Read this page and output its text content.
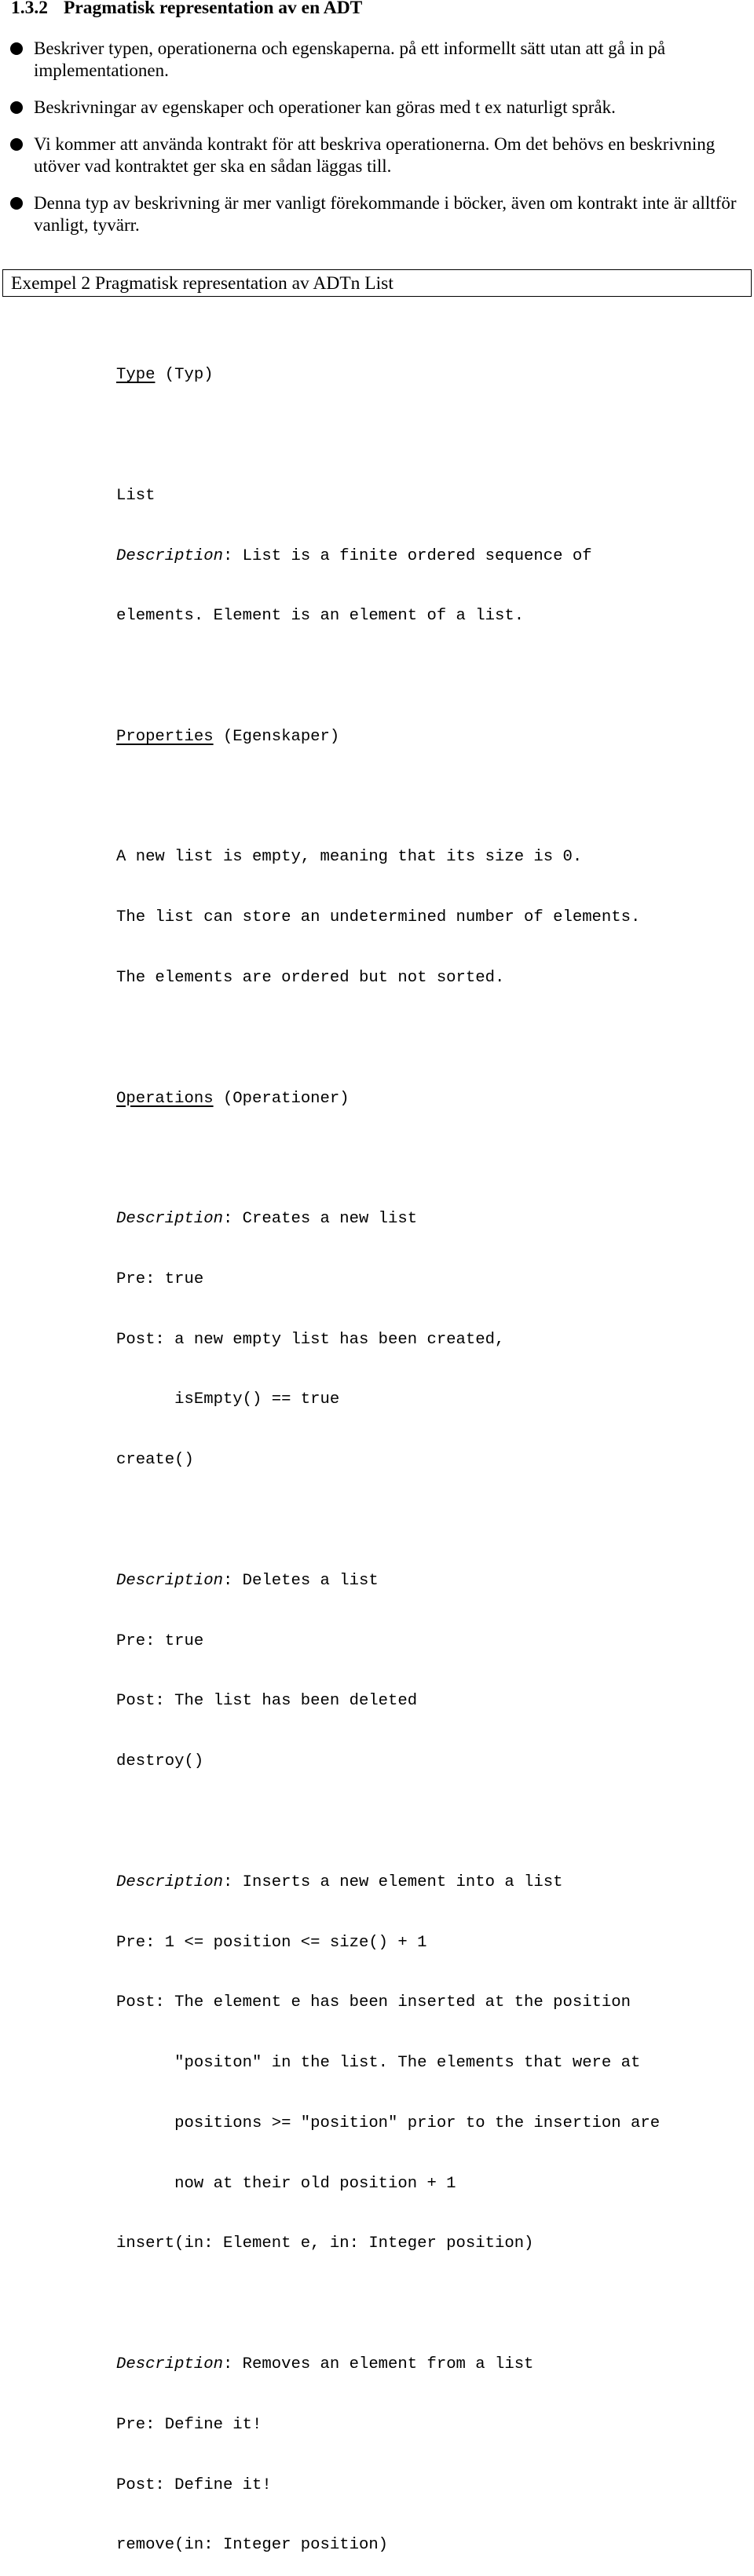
1.3.2 Pragmatisk representation av en ADT
Beskriver typen, operationerna och egenskaperna. på ett informellt sätt utan att gå in på implementationen.
Beskrivningar av egenskaper och operationer kan göras med t ex naturligt språk.
Vi kommer att använda kontrakt för att beskriva operationerna. Om det behövs en beskrivning utöver vad kontraktet ger ska en sådan läggas till.
Denna typ av beskrivning är mer vanligt förekommande i böcker, även om kontrakt inte är alltför vanligt, tyvärr.
Exempel 2 Pragmatisk representation av ADTn List

Type (Typ)

List

Description: List is a finite ordered sequence of

elements. Element is an element of a list.

Properties (Egenskaper)

A new list is empty, meaning that its size is 0.

The list can store an undetermined number of elements.

The elements are ordered but not sorted.

Operations (Operationer)

Description: Creates a new list

Pre: true

Post: a new empty list has been created,

isEmpty() == true

create()

Description: Deletes a list

Pre: true

Post: The list has been deleted

destroy()

Description: Inserts a new element into a list

Pre: 1 <= position <= size() + 1

Post: The element e has been inserted at the position

"positon" in the list. The elements that were at

positions >= "position" prior to the insertion are

now at their old position + 1

insert(in: Element e, in: Integer position)

Description: Removes an element from a list

Pre: Define it!

Post: Define it!

remove(in: Integer position)
